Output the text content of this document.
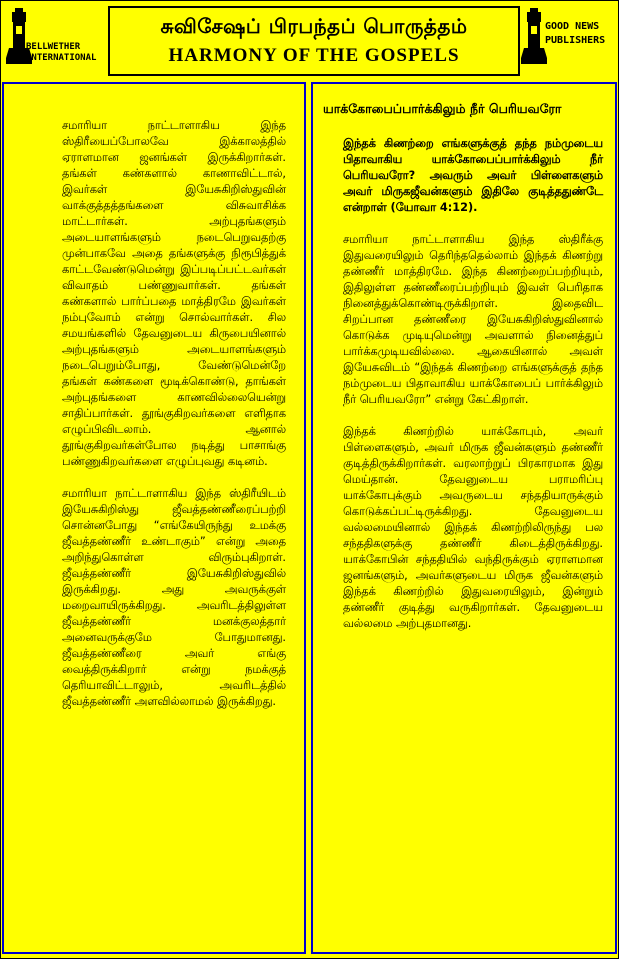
BELLWETHER
INTERNATIONAL
சுவிசேஷப் பிரபந்தப் பொருத்தம்
HARMONY OF THE GOSPELS
GOOD NEWS
PUBLISHERS

சமாரியா நாட்டாளாகிய இந்த ஸ்திரீயைப்போலவே இக்காலத்தில் ஏராளமான ஜனங்கள் இருக்கிறார்கள். தங்கள் கண்களால் காணாவிட்டால், இவர்கள் இயேசுகிறிஸ்துவின் வாக்குத்தத்தங்களை விசுவாசிக்க மாட்டார்கள். அற்புதங்களும் அடையாளங்களும் நடைபெறுவதற்கு முன்பாகவே அதை தங்களுக்கு நிரூபித்துக் காட்டவேண்டுமென்று இப்படிப்பட்டவர்கள் விவாதம் பண்ணுவார்கள். தங்கள் கண்களால் பார்ப்பதை மாத்திரமே இவர்கள் நம்புவோம் என்று சொல்வார்கள். சில சமயங்களில் தேவனுடைய கிருபையினால் அற்புதங்களும் அடையாளங்களும் நடைபெறும்போது, வேண்டுமென்றே தங்கள் கண்களை மூடிக்கொண்டு, தாங்கள் அற்புதங்களை காணவில்லையென்று சாதிப்பார்கள். தூங்குகிறவர்களை எளிதாக எழுப்பிவிடலாம். ஆனால் தூங்குகிறவர்கள்போல நடித்து பாசாங்கு பண்ணுகிறவர்களை எழுப்புவது கடினம்.

சமாரியா நாட்டாளாகிய இந்த ஸ்திரீயிடம் இயேசுகிறிஸ்து ஜீவத்தண்ணீரைப்பற்றி சொன்னபோது “எங்கேயிருந்து உமக்கு ஜீவத்தண்ணீர் உண்டாகும்” என்று அதை அறிந்துகொள்ள விரும்புகிறாள். ஜீவத்தண்ணீர் இயேசுகிறிஸ்துவில் இருக்கிறது. அது அவருக்குள் மறைவாயிருக்கிறது. அவரிடத்திலுள்ள ஜீவத்தண்ணீர் மனக்குலத்தார் அனைவருக்குமே போதுமானது. ஜீவத்தண்ணீரை அவர் எங்கு வைத்திருக்கிறார் என்று நமக்குத் தெரியாவிட்டாலும், அவரிடத்தில் ஜீவத்தண்ணீர் அளவில்லாமல் இருக்கிறது.

யாக்கோபைப்பார்க்கிலும் நீர் பெரியவரோ

இந்தக் கிணற்றை எங்களுக்குத் தந்த நம்முடைய பிதாவாகிய யாக்கோபைப்பார்க்கிலும் நீர் பெரியவரோ? அவரும் அவர் பிள்ளைகளும் அவர் மிருகஜீவன்களும் இதிலே குடித்ததுண்டே என்றாள் (யோவா 4:12).

சமாரியா நாட்டாளாகிய இந்த ஸ்திரீக்கு இதுவரையிலும் தெரிந்ததெல்லாம் இந்தக் கிணற்று தண்ணீர் மாத்திரமே. இந்த கிணற்றைப்பற்றியும், இதிலுள்ள தண்ணீரைப்பற்றியும் இவள் பெரிதாக நினைத்துக்கொண்டிருக்கிறாள். இதைவிட சிறப்பான தண்ணீரை இயேசுகிறிஸ்துவினால் கொடுக்க முடியுமென்று அவளால் நினைத்துப் பார்க்கமுடியவில்லை. ஆகையினால் அவள் இயேசுவிடம் “இந்தக் கிணற்றை எங்களுக்குத் தந்த நம்முடைய பிதாவாகிய யாக்கோபைப் பார்க்கிலும் நீர் பெரியவரோ” என்று கேட்கிறாள்.

இந்தக் கிணற்றில் யாக்கோபும், அவர் பிள்ளைகளும், அவர் மிருக ஜீவன்களும் தண்ணீர் குடித்திருக்கிறார்கள். வரலாற்றுப் பிரகாரமாக இது மெய்தான். தேவனுடைய பராமரிப்பு யாக்கோபுக்கும் அவருடைய சந்ததியாருக்கும் கொடுக்கப்பட்டிருக்கிறது. தேவனுடைய வல்லமையினால் இந்தக் கிணற்றிலிருந்து பல சந்ததிகளுக்கு தண்ணீர் கிடைத்திருக்கிறது. யாக்கோபின் சந்ததியில் வந்திருக்கும் ஏராளமான ஜனங்களும், அவர்களுடைய மிருக ஜீவன்களும் இந்தக் கிணற்றில் இதுவரையிலும், இன்றும் தண்ணீர் குடித்து வருகிறார்கள். தேவனுடைய வல்லமை அற்புதமானது.
